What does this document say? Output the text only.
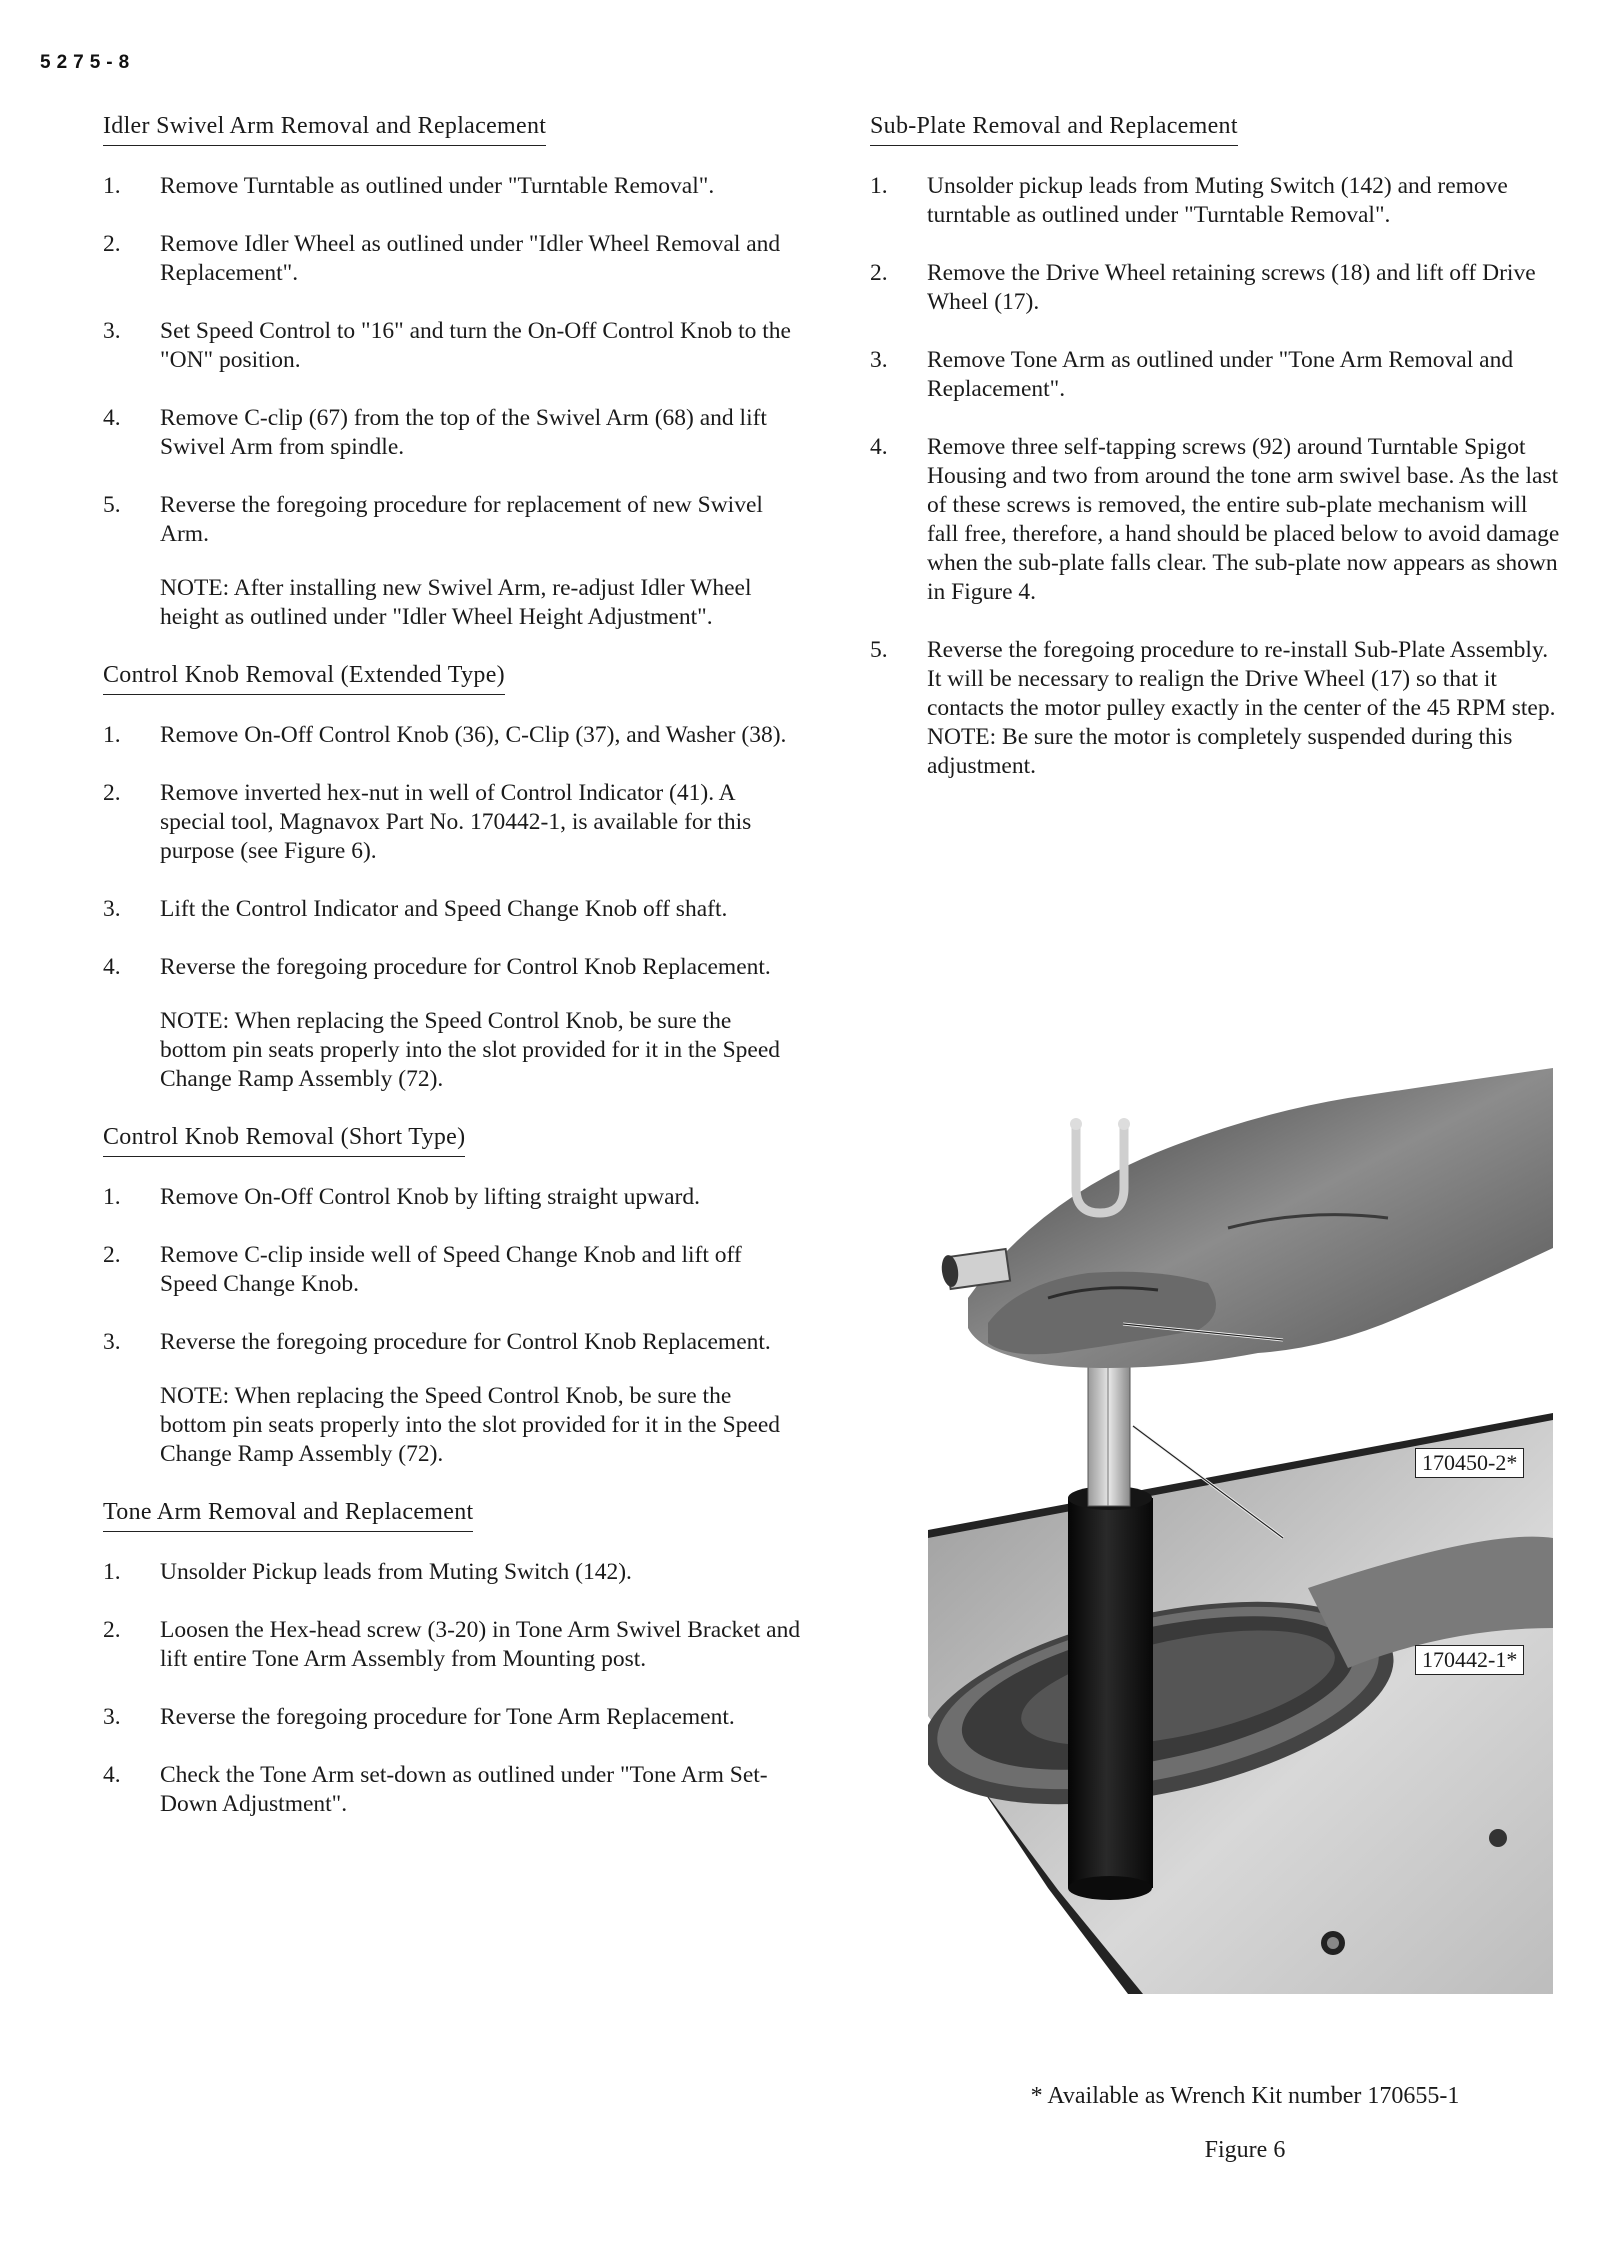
5275-8
Idler Swivel Arm Removal and Replacement
1. Remove Turntable as outlined under "Turntable Removal".
2. Remove Idler Wheel as outlined under "Idler Wheel Removal and Replacement".
3. Set Speed Control to "16" and turn the On-Off Control Knob to the "ON" position.
4. Remove C-clip (67) from the top of the Swivel Arm (68) and lift Swivel Arm from spindle.
5. Reverse the foregoing procedure for replacement of new Swivel Arm.
NOTE: After installing new Swivel Arm, re-adjust Idler Wheel height as outlined under "Idler Wheel Height Adjustment".
Control Knob Removal (Extended Type)
1. Remove On-Off Control Knob (36), C-Clip (37), and Washer (38).
2. Remove inverted hex-nut in well of Control Indicator (41). A special tool, Magnavox Part No. 170442-1, is available for this purpose (see Figure 6).
3. Lift the Control Indicator and Speed Change Knob off shaft.
4. Reverse the foregoing procedure for Control Knob Replacement.
NOTE: When replacing the Speed Control Knob, be sure the bottom pin seats properly into the slot provided for it in the Speed Change Ramp Assembly (72).
Control Knob Removal (Short Type)
1. Remove On-Off Control Knob by lifting straight upward.
2. Remove C-clip inside well of Speed Change Knob and lift off Speed Change Knob.
3. Reverse the foregoing procedure for Control Knob Replacement.
NOTE: When replacing the Speed Control Knob, be sure the bottom pin seats properly into the slot provided for it in the Speed Change Ramp Assembly (72).
Tone Arm Removal and Replacement
1. Unsolder Pickup leads from Muting Switch (142).
2. Loosen the Hex-head screw (3-20) in Tone Arm Swivel Bracket and lift entire Tone Arm Assembly from Mounting post.
3. Reverse the foregoing procedure for Tone Arm Replacement.
4. Check the Tone Arm set-down as outlined under "Tone Arm Set-Down Adjustment".
Sub-Plate Removal and Replacement
1. Unsolder pickup leads from Muting Switch (142) and remove turntable as outlined under "Turntable Removal".
2. Remove the Drive Wheel retaining screws (18) and lift off Drive Wheel (17).
3. Remove Tone Arm as outlined under "Tone Arm Removal and Replacement".
4. Remove three self-tapping screws (92) around Turntable Spigot Housing and two from around the tone arm swivel base. As the last of these screws is removed, the entire sub-plate mechanism will fall free, therefore, a hand should be placed below to avoid damage when the sub-plate falls clear. The sub-plate now appears as shown in Figure 4.
5. Reverse the foregoing procedure to re-install Sub-Plate Assembly. It will be necessary to realign the Drive Wheel (17) so that it contacts the motor pulley exactly in the center of the 45 RPM step. NOTE: Be sure the motor is completely suspended during this adjustment.
170450-2*
170442-1*
* Available as Wrench Kit number 170655-1
Figure 6
